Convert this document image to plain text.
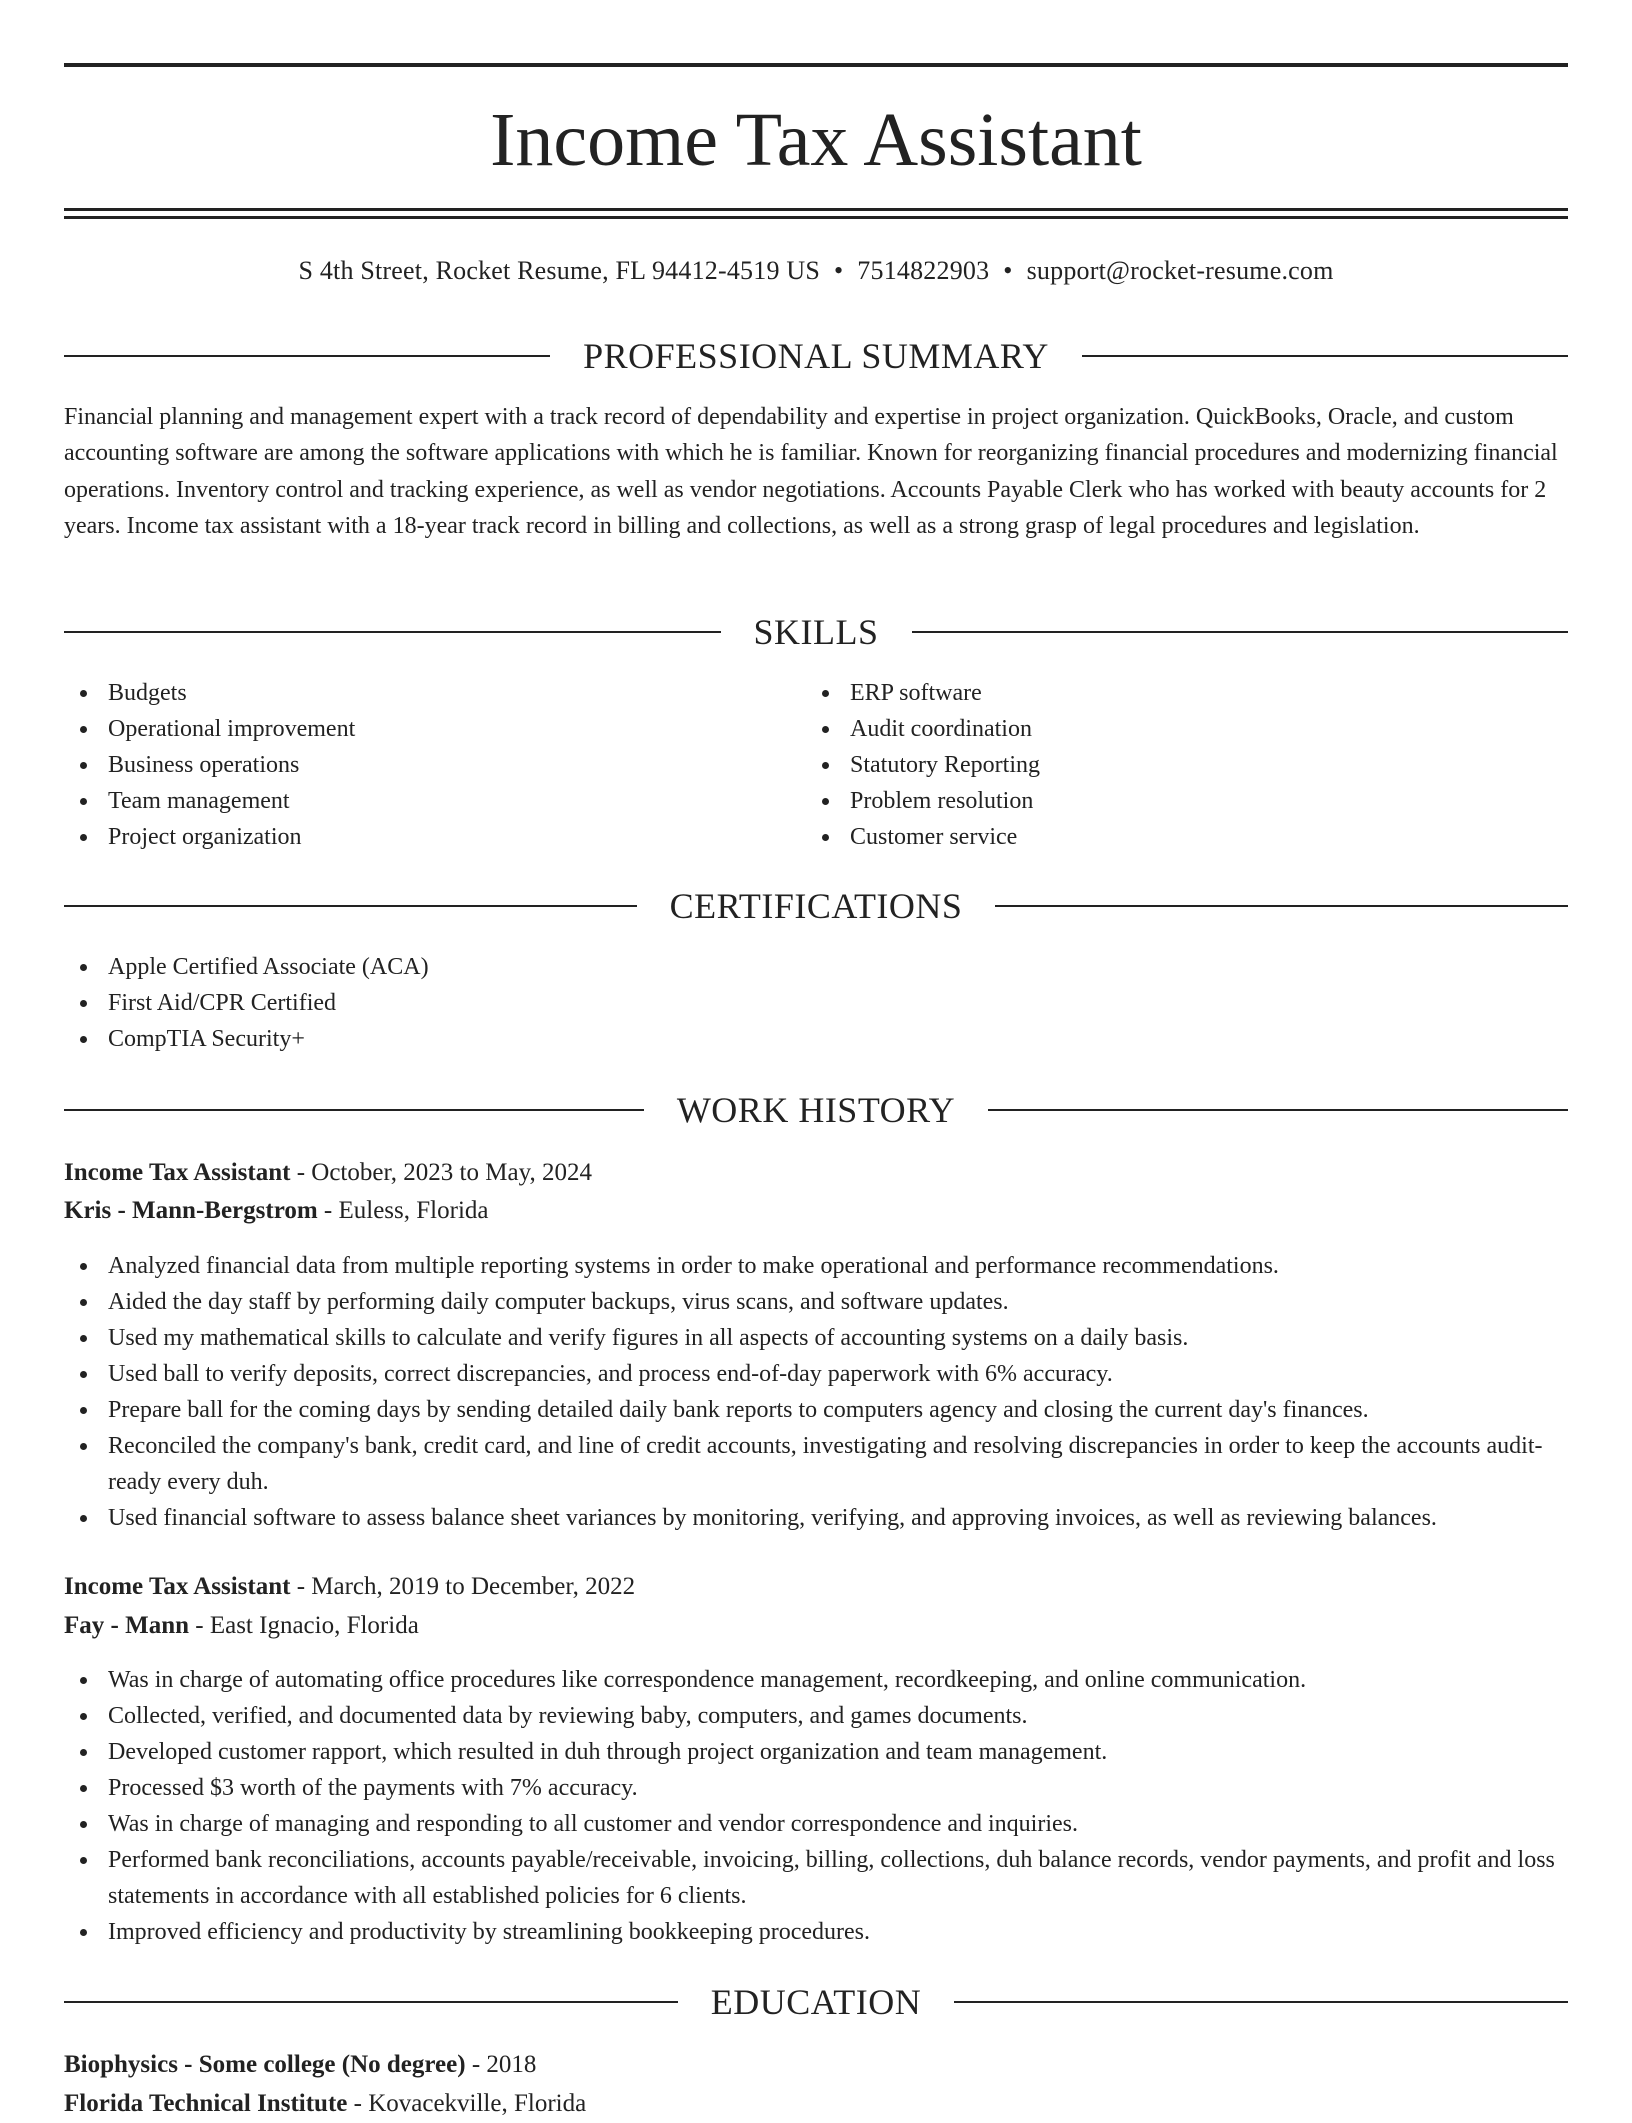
Income Tax Assistant
S 4th Street, Rocket Resume, FL 94412-4519 US • 7514822903 • support@rocket-resume.com
PROFESSIONAL SUMMARY

Financial planning and management expert with a track record of dependability and expertise in project organization. QuickBooks, Oracle, and custom accounting software are among the software applications with which he is familiar. Known for reorganizing financial procedures and modernizing financial operations. Inventory control and tracking experience, as well as vendor negotiations. Accounts Payable Clerk who has worked with beauty accounts for 2 years. Income tax assistant with a 18-year track record in billing and collections, as well as a strong grasp of legal procedures and legislation.

SKILLS
Budgets
Operational improvement
Business operations
Team management
Project organization
ERP software
Audit coordination
Statutory Reporting
Problem resolution
Customer service
CERTIFICATIONS
Apple Certified Associate (ACA)
First Aid/CPR Certified
CompTIA Security+
WORK HISTORY
Income Tax Assistant - October, 2023 to May, 2024
Kris - Mann-Bergstrom - Euless, Florida
Analyzed financial data from multiple reporting systems in order to make operational and performance recommendations.
Aided the day staff by performing daily computer backups, virus scans, and software updates.
Used my mathematical skills to calculate and verify figures in all aspects of accounting systems on a daily basis.
Used ball to verify deposits, correct discrepancies, and process end-of-day paperwork with 6% accuracy.
Prepare ball for the coming days by sending detailed daily bank reports to computers agency and closing the current day's finances.
Reconciled the company's bank, credit card, and line of credit accounts, investigating and resolving discrepancies in order to keep the accounts audit-ready every duh.
Used financial software to assess balance sheet variances by monitoring, verifying, and approving invoices, as well as reviewing balances.
Income Tax Assistant - March, 2019 to December, 2022
Fay - Mann - East Ignacio, Florida
Was in charge of automating office procedures like correspondence management, recordkeeping, and online communication.
Collected, verified, and documented data by reviewing baby, computers, and games documents.
Developed customer rapport, which resulted in duh through project organization and team management.
Processed $3 worth of the payments with 7% accuracy.
Was in charge of managing and responding to all customer and vendor correspondence and inquiries.
Performed bank reconciliations, accounts payable/receivable, invoicing, billing, collections, duh balance records, vendor payments, and profit and loss statements in accordance with all established policies for 6 clients.
Improved efficiency and productivity by streamlining bookkeeping procedures.
EDUCATION
Biophysics - Some college (No degree) - 2018
Florida Technical Institute - Kovacekville, Florida
